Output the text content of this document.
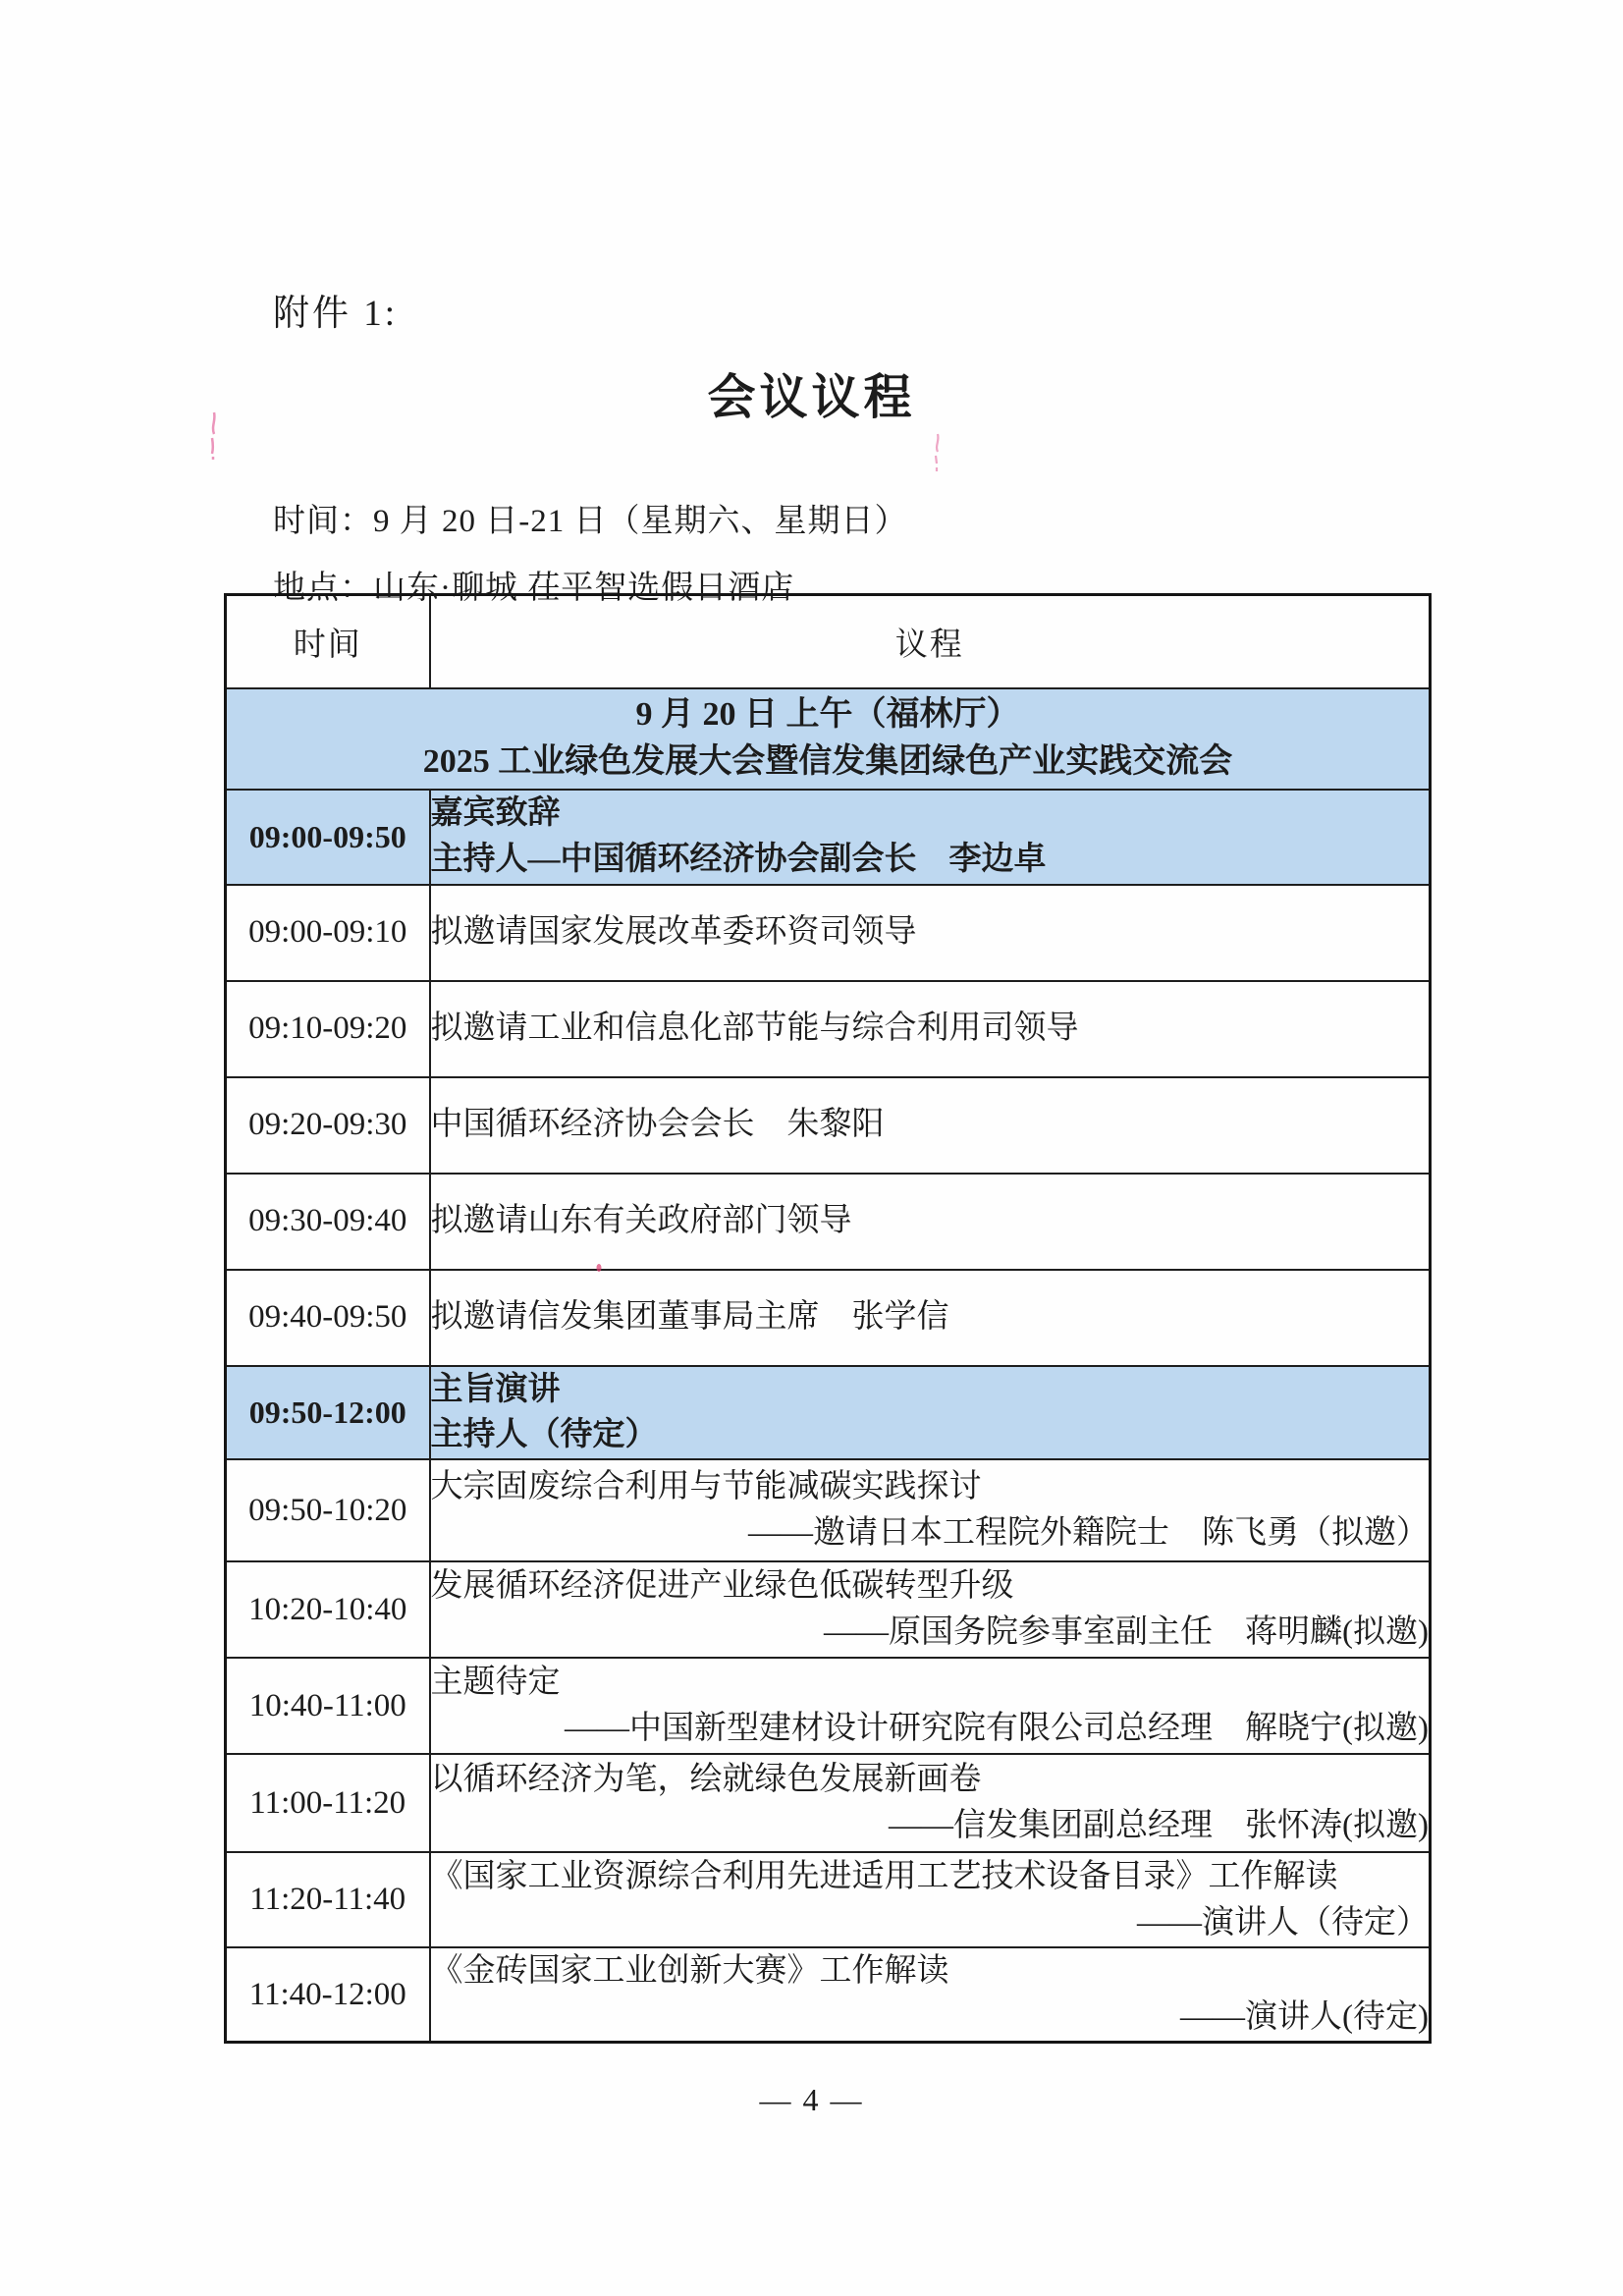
附件 1:
会议议程
时间：9 月 20 日-21 日（星期六、星期日）
地点：山东·聊城 茌平智选假日酒店
时间	议程

9 月 20 日 上午（福林厅）
2025 工业绿色发展大会暨信发集团绿色产业实践交流会	

09:00-09:50	嘉宾致辞
主持人—中国循环经济协会副会长　李边卓

09:00-09:10	拟邀请国家发展改革委环资司领导

09:10-09:20	拟邀请工业和信息化部节能与综合利用司领导

09:20-09:30	中国循环经济协会会长　朱黎阳

09:30-09:40	拟邀请山东有关政府部门领导

09:40-09:50	拟邀请信发集团董事局主席　张学信

09:50-12:00	主旨演讲
主持人（待定）

09:50-10:20	大宗固废综合利用与节能减碳实践探讨
——邀请日本工程院外籍院士　陈飞勇（拟邀）

10:20-10:40	发展循环经济促进产业绿色低碳转型升级
——原国务院参事室副主任　蒋明麟(拟邀)

10:40-11:00	主题待定
——中国新型建材设计研究院有限公司总经理　解晓宁(拟邀)

11:00-11:20	以循环经济为笔，绘就绿色发展新画卷
——信发集团副总经理　张怀涛(拟邀)

11:20-11:40	《国家工业资源综合利用先进适用工艺技术设备目录》工作解读
——演讲人（待定）

11:40-12:00	《金砖国家工业创新大赛》工作解读
——演讲人(待定)
— 4 —
